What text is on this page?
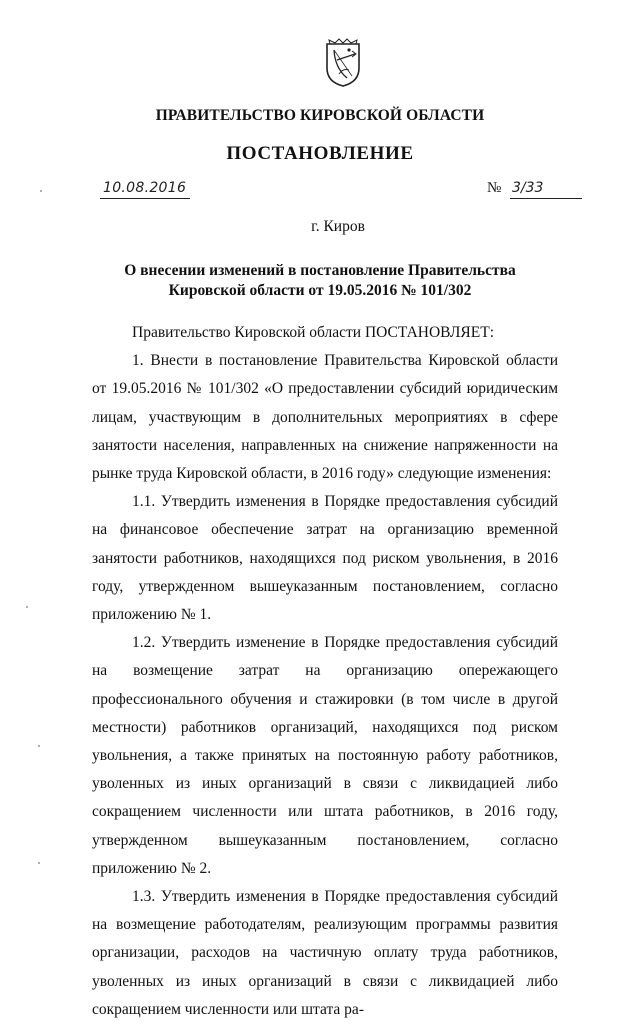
ПРАВИТЕЛЬСТВО КИРОВСКОЙ ОБЛАСТИ
ПОСТАНОВЛЕНИЕ
10.08.2016	№ 3/33
г. Киров
О внесении изменений в постановление Правительства
Кировской области от 19.05.2016 № 101/302

Правительство Кировской области ПОСТАНОВЛЯЕТ:

1. Внести в постановление Правительства Кировской области от 19.05.2016 № 101/302 «О предоставлении субсидий юридическим лицам, участвующим в дополнительных мероприятиях в сфере занятости населения, направленных на снижение напряженности на рынке труда Кировской области, в 2016 году» следующие изменения:

1.1. Утвердить изменения в Порядке предоставления субсидий на финансовое обеспечение затрат на организацию временной занятости работников, находящихся под риском увольнения, в 2016 году, утвержденном вышеуказанным постановлением, согласно приложению № 1.

1.2. Утвердить изменение в Порядке предоставления субсидий на возмещение затрат на организацию опережающего профессионального обучения и стажировки (в том числе в другой местности) работников организаций, находящихся под риском увольнения, а также принятых на постоянную работу работников, уволенных из иных организаций в связи с ликвидацией либо сокращением численности или штата работников, в 2016 году, утвержденном вышеуказанным постановлением, согласно приложению № 2.

1.3. Утвердить изменения в Порядке предоставления субсидий на возмещение работодателям, реализующим программы развития организации, расходов на частичную оплату труда работников, уволенных из иных организаций в связи с ликвидацией либо сокращением численности или штата ра-
